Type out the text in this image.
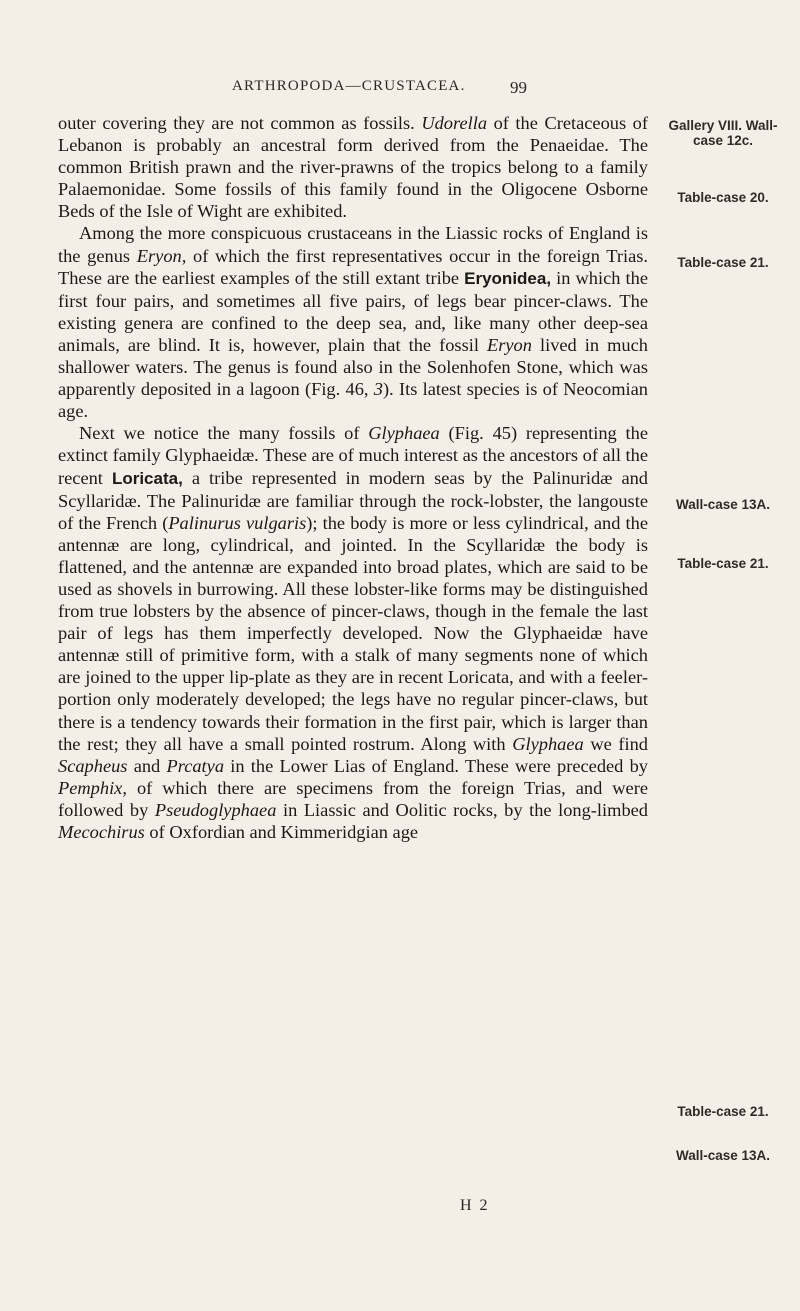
ARTHROPODA—CRUSTACEA.	99

outer covering they are not common as fossils. Udorella of the Cretaceous of Lebanon is probably an ancestral form derived from the Penaeidae. The common British prawn and the river-prawns of the tropics belong to a family Palaemonidae. Some fossils of this family found in the Oligocene Osborne Beds of the Isle of Wight are exhibited.

Among the more conspicuous crustaceans in the Liassic rocks of England is the genus Eryon, of which the first representatives occur in the foreign Trias. These are the earliest examples of the still extant tribe Eryonidea, in which the first four pairs, and sometimes all five pairs, of legs bear pincer-claws. The existing genera are confined to the deep sea, and, like many other deep-sea animals, are blind. It is, however, plain that the fossil Eryon lived in much shallower waters. The genus is found also in the Solenhofen Stone, which was apparently deposited in a lagoon (Fig. 46, 3). Its latest species is of Neocomian age.

Next we notice the many fossils of Glyphaea (Fig. 45) representing the extinct family Glyphaeidæ. These are of much interest as the ancestors of all the recent Loricata, a tribe represented in modern seas by the Palinuridæ and Scyllaridæ. The Palinuridæ are familiar through the rock-lobster, the langouste of the French (Palinurus vulgaris); the body is more or less cylindrical, and the antennæ are long, cylindrical, and jointed. In the Scyllaridæ the body is flattened, and the antennæ are expanded into broad plates, which are said to be used as shovels in burrowing. All these lobster-like forms may be distinguished from true lobsters by the absence of pincer-claws, though in the female the last pair of legs has them imperfectly developed. Now the Glyphaeidæ have antennæ still of primitive form, with a stalk of many segments none of which are joined to the upper lip-plate as they are in recent Loricata, and with a feeler-portion only moderately developed; the legs have no regular pincer-claws, but there is a tendency towards their formation in the first pair, which is larger than the rest; they all have a small pointed rostrum. Along with Glyphaea we find Scapheus and Prcatya in the Lower Lias of England. These were preceded by Pemphix, of which there are specimens from the foreign Trias, and were followed by Pseudoglyphaea in Liassic and Oolitic rocks, by the long-limbed Mecochirus of Oxfordian and Kimmeridgian age

H 2
Gallery VIII. Wall-case 12c.
Table-case 20.
Table-case 21.
Wall-case 13A.
Table-case 21.
Table-case 21.
Wall-case 13A.
